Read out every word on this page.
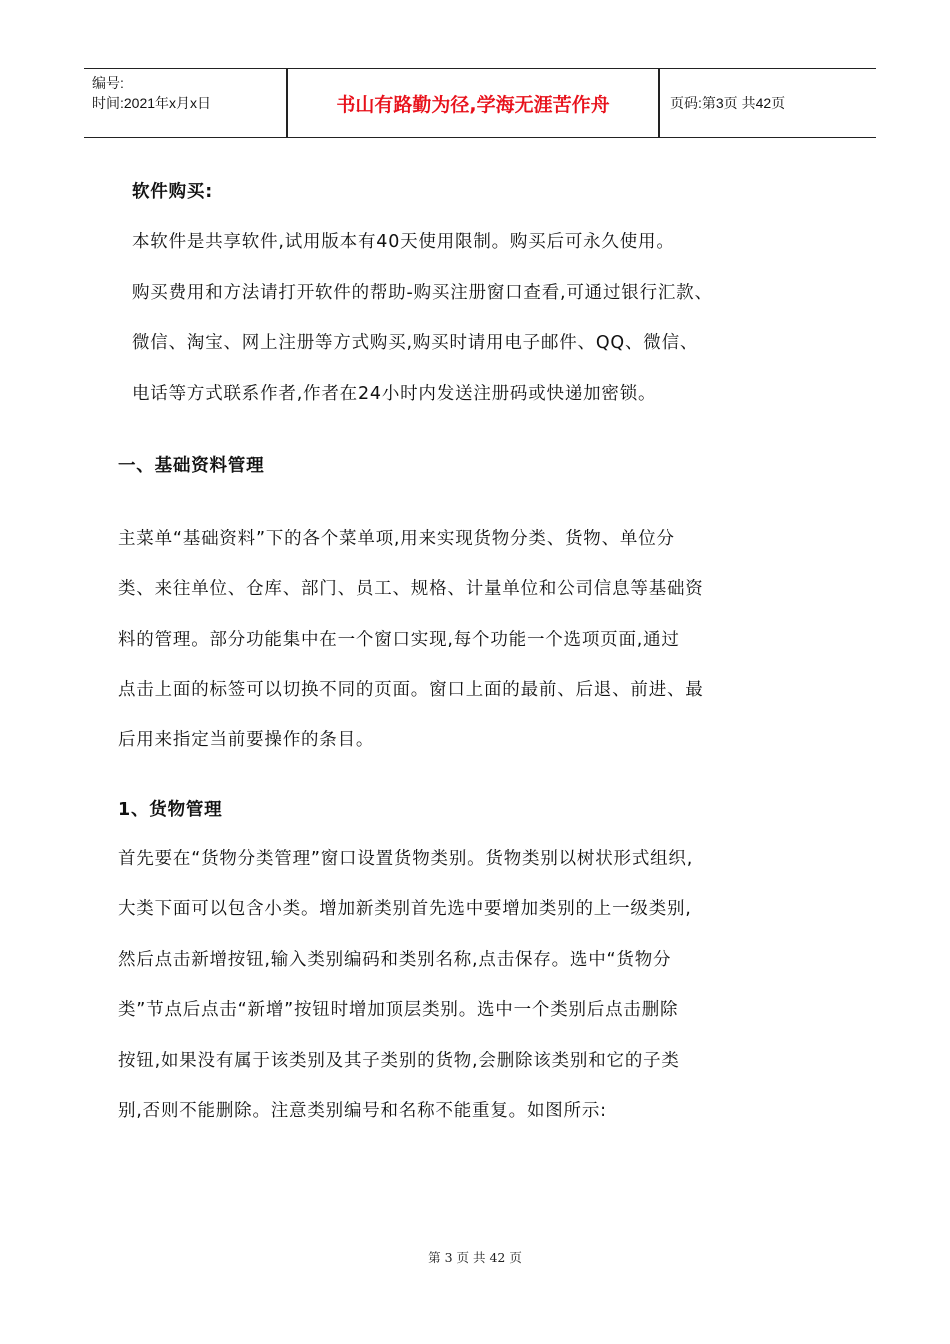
编号:
时间:2021年x月x日	书山有路勤为径,学海无涯苦作舟	页码:第3页 共42页
软件购买:
本软件是共享软件,试用版本有40天使用限制。购买后可永久使用。
购买费用和方法请打开软件的帮助-购买注册窗口查看,可通过银行汇款、
微信、淘宝、网上注册等方式购买,购买时请用电子邮件、QQ、微信、
电话等方式联系作者,作者在24小时内发送注册码或快递加密锁。
一、基础资料管理
主菜单“基础资料”下的各个菜单项,用来实现货物分类、货物、单位分
类、来往单位、仓库、部门、员工、规格、计量单位和公司信息等基础资
料的管理。部分功能集中在一个窗口实现,每个功能一个选项页面,通过
点击上面的标签可以切换不同的页面。窗口上面的最前、后退、前进、最
后用来指定当前要操作的条目。
1、货物管理
首先要在“货物分类管理”窗口设置货物类别。货物类别以树状形式组织,
大类下面可以包含小类。增加新类别首先选中要增加类别的上一级类别,
然后点击新增按钮,输入类别编码和类别名称,点击保存。选中“货物分
类”节点后点击“新增”按钮时增加顶层类别。选中一个类别后点击删除
按钮,如果没有属于该类别及其子类别的货物,会删除该类别和它的子类
别,否则不能删除。注意类别编号和名称不能重复。如图所示:
第 3 页 共 42 页
